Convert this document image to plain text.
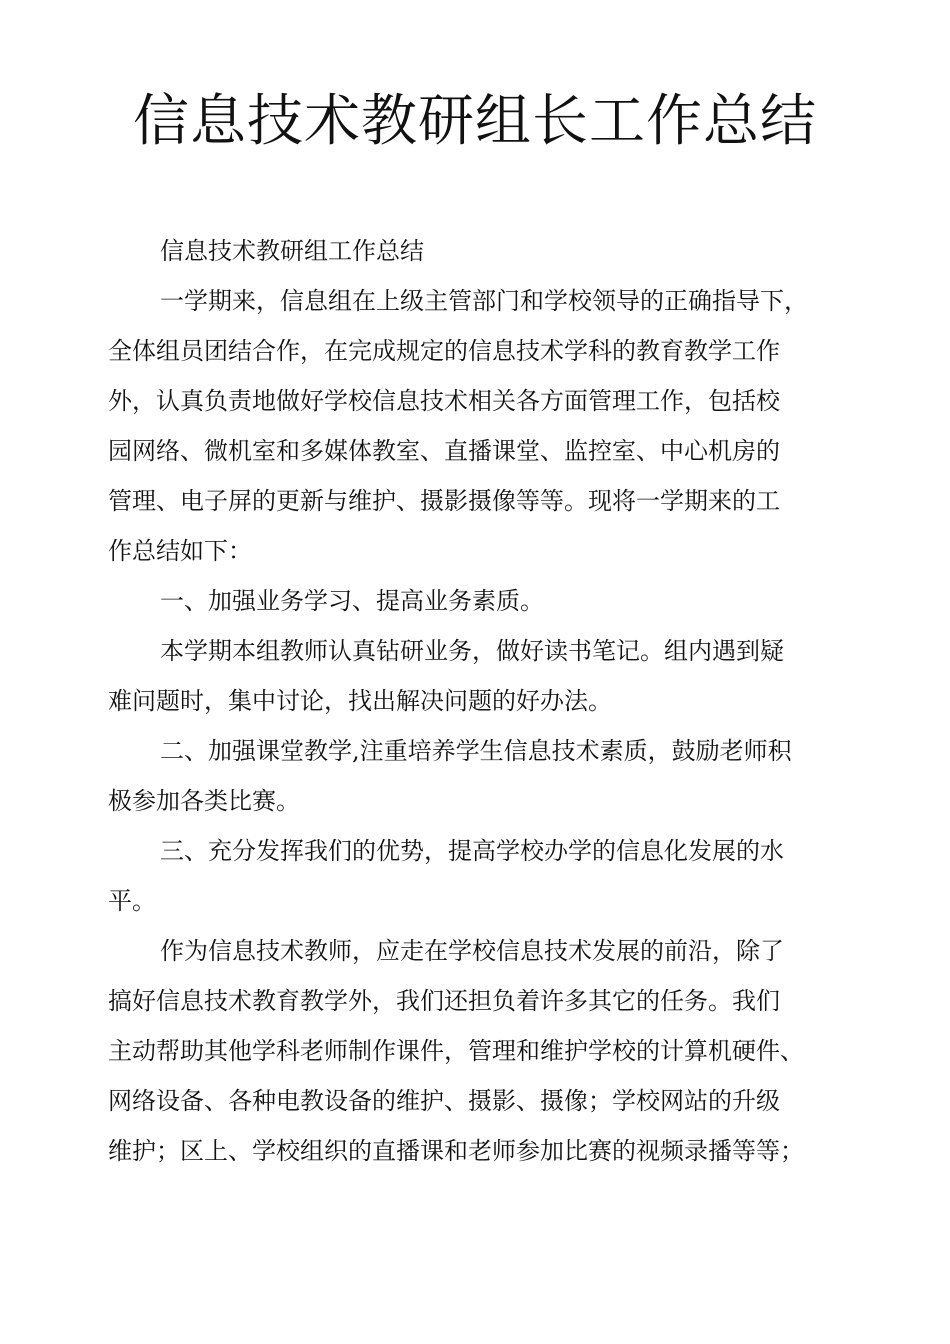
信息技术教研组长工作总结

信息技术教研组工作总结

一学期来，信息组在上级主管部门和学校领导的正确指导下，
全体组员团结合作，在完成规定的信息技术学科的教育教学工作
外，认真负责地做好学校信息技术相关各方面管理工作，包括校
园网络、微机室和多媒体教室、直播课堂、监控室、中心机房的
管理、电子屏的更新与维护、摄影摄像等等。现将一学期来的工
作总结如下：

一、加强业务学习、提高业务素质。

本学期本组教师认真钻研业务，做好读书笔记。组内遇到疑
难问题时，集中讨论，找出解决问题的好办法。

二、加强课堂教学,注重培养学生信息技术素质，鼓励老师积
极参加各类比赛。

三、充分发挥我们的优势，提高学校办学的信息化发展的水
平。

作为信息技术教师，应走在学校信息技术发展的前沿，除了
搞好信息技术教育教学外，我们还担负着许多其它的任务。我们
主动帮助其他学科老师制作课件，管理和维护学校的计算机硬件、
网络设备、各种电教设备的维护、摄影、摄像；学校网站的升级
维护；区上、学校组织的直播课和老师参加比赛的视频录播等等；
